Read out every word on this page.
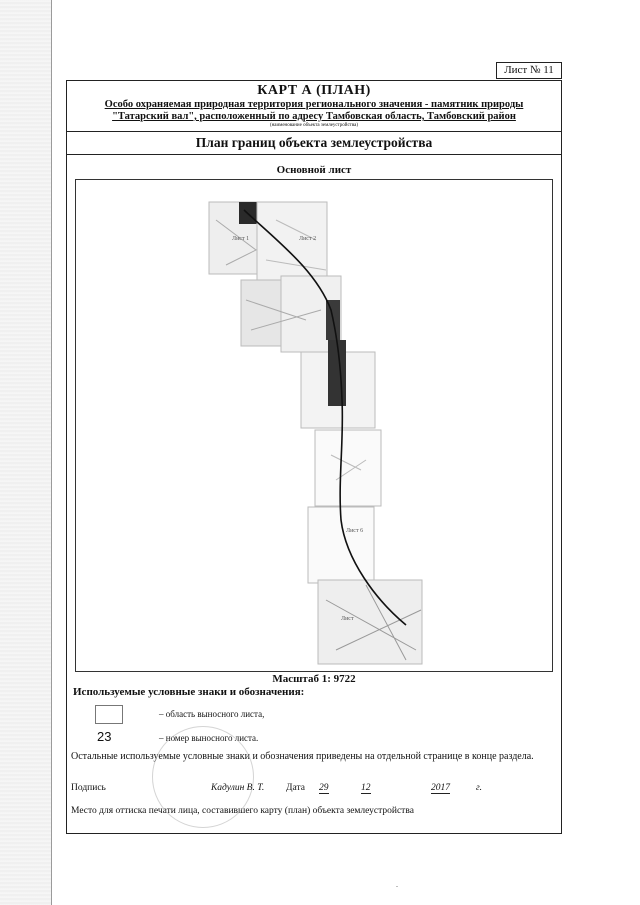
Лист № 11
КАРТ А (ПЛАН)
Особо охраняемая природная территория регионального значения - памятник природы
"Татарский вал", расположенный по адресу Тамбовская область, Тамбовский район
(наименование объекта землеустройства)
План границ объекта землеустройства
Основной лист
Лист 1	Лист 2
Лист 6
Лист
Масштаб 1: 9722
Используемые условные знаки и обозначения:
– область выносного листа,
23	– номер выносного листа.
Остальные используемые условные знаки и обозначения приведены на отдельной странице в конце раздела.
Подпись	Кадулин В. Т. Дата 29	12	2017	г.
Место для оттиска печати лица, составившего карту (план) объекта землеустройства
.
